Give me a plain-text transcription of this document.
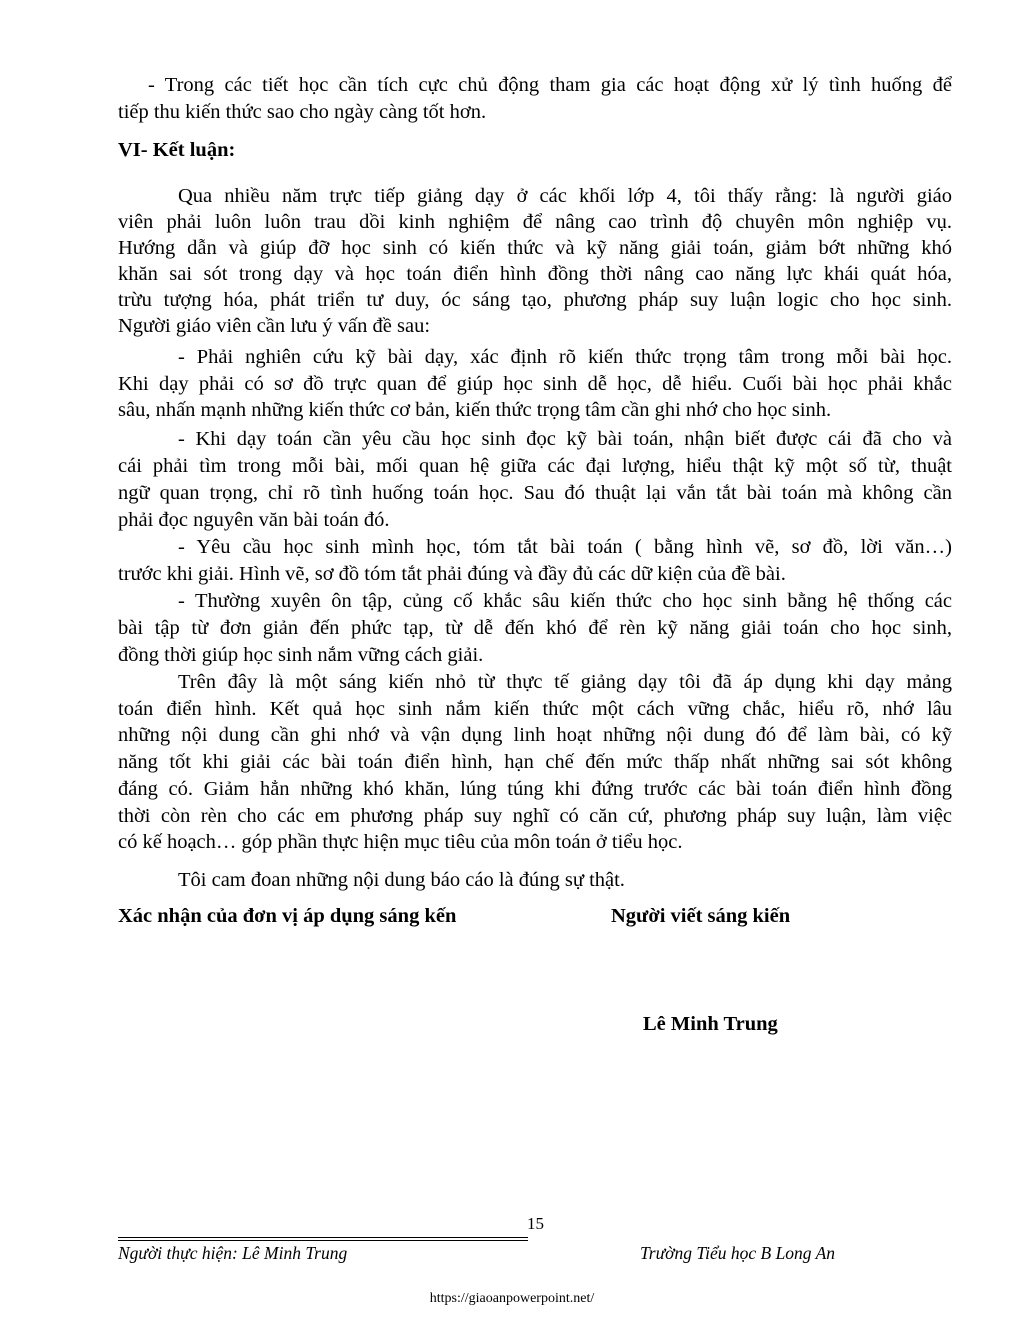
- Trong các tiết học cần tích cực chủ động tham gia các hoạt động xử lý tình huống để
tiếp thu kiến thức sao cho ngày càng tốt hơn.
VI- Kết luận:
Qua nhiều năm trực tiếp giảng dạy ở các khối lớp 4, tôi thấy rằng: là người giáo
viên phải luôn luôn trau dồi kinh nghiệm để nâng cao trình độ chuyên môn nghiệp vụ.
Hướng dẫn và giúp đỡ học sinh có kiến thức và kỹ năng giải toán, giảm bớt những khó
khăn sai sót trong dạy và học toán điển hình đồng thời nâng cao năng lực khái quát hóa,
trừu tượng hóa, phát triển tư duy, óc sáng tạo, phương pháp suy luận logic cho học sinh.
Người giáo viên cần lưu ý vấn đề sau:
- Phải nghiên cứu kỹ bài dạy, xác định rõ kiến thức trọng tâm trong mỗi bài học.
Khi dạy phải có sơ đồ trực quan để giúp học sinh dễ học, dễ hiểu. Cuối bài học phải khắc
sâu, nhấn mạnh những kiến thức cơ bản, kiến thức trọng tâm cần ghi nhớ cho học sinh.
- Khi dạy toán cần yêu cầu học sinh đọc kỹ bài toán, nhận biết được cái đã cho và
cái phải tìm trong mỗi bài, mối quan hệ giữa các đại lượng, hiểu thật kỹ một số từ, thuật
ngữ quan trọng, chỉ rõ tình huống toán học. Sau đó thuật lại vắn tắt bài toán mà không cần
phải đọc nguyên văn bài toán đó.
- Yêu cầu học sinh mình học, tóm tắt bài toán ( bằng hình vẽ, sơ đồ, lời văn…)
trước khi giải. Hình vẽ, sơ đồ tóm tắt phải đúng và đầy đủ các dữ kiện của đề bài.
- Thường xuyên ôn tập, củng cố khắc sâu kiến thức cho học sinh bằng hệ thống các
bài tập từ đơn giản đến phức tạp, từ dễ đến khó để rèn kỹ năng giải toán cho học sinh,
đồng thời giúp học sinh nắm vững cách giải.
Trên đây là một sáng kiến nhỏ từ thực tế giảng dạy tôi đã áp dụng khi dạy mảng
toán điển hình. Kết quả học sinh nắm kiến thức một cách vững chắc, hiểu rõ, nhớ lâu
những nội dung cần ghi nhớ và vận dụng linh hoạt những nội dung đó để làm bài, có kỹ
năng tốt khi giải các bài toán điển hình, hạn chế đến mức thấp nhất những sai sót không
đáng có. Giảm hẳn những khó khăn, lúng túng khi đứng trước các bài toán điển hình đồng
thời còn rèn cho các em phương pháp suy nghĩ có căn cứ, phương pháp suy luận, làm việc
có kế hoạch… góp phần thực hiện mục tiêu của môn toán ở tiểu học.
Tôi cam đoan những nội dung báo cáo là đúng sự thật.
Xác nhận của đơn vị áp dụng sáng kến	Người viết sáng kiến
Lê Minh Trung
15
Người thực hiện: Lê Minh Trung	Trường Tiểu học B Long An
https://giaoanpowerpoint.net/
